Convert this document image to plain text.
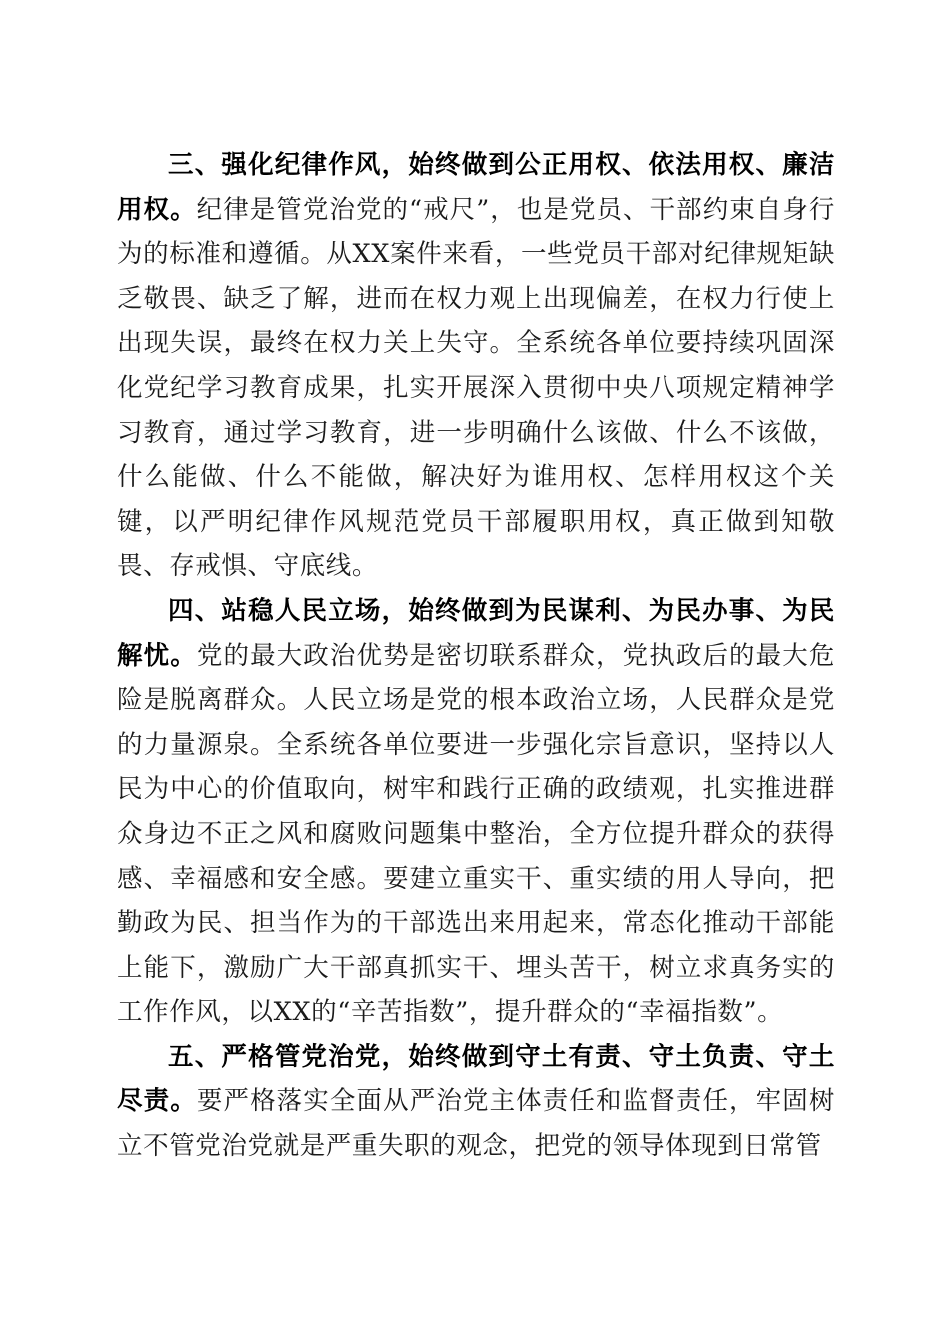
三、强化纪律作风，始终做到公正用权、依法用权、廉洁用权。纪律是管党治党的“戒尺”，也是党员、干部约束自身行为的标准和遵循。从XX案件来看，一些党员干部对纪律规矩缺乏敬畏、缺乏了解，进而在权力观上出现偏差，在权力行使上出现失误，最终在权力关上失守。全系统各单位要持续巩固深化党纪学习教育成果，扎实开展深入贯彻中央八项规定精神学习教育，通过学习教育，进一步明确什么该做、什么不该做，什么能做、什么不能做，解决好为谁用权、怎样用权这个关键，以严明纪律作风规范党员干部履职用权，真正做到知敬畏、存戒惧、守底线。

四、站稳人民立场，始终做到为民谋利、为民办事、为民解忧。党的最大政治优势是密切联系群众，党执政后的最大危险是脱离群众。人民立场是党的根本政治立场，人民群众是党的力量源泉。全系统各单位要进一步强化宗旨意识，坚持以人民为中心的价值取向，树牢和践行正确的政绩观，扎实推进群众身边不正之风和腐败问题集中整治，全方位提升群众的获得感、幸福感和安全感。要建立重实干、重实绩的用人导向，把勤政为民、担当作为的干部选出来用起来，常态化推动干部能上能下，激励广大干部真抓实干、埋头苦干，树立求真务实的工作作风，以XX的“辛苦指数”，提升群众的“幸福指数”。

五、严格管党治党，始终做到守土有责、守土负责、守土尽责。要严格落实全面从严治党主体责任和监督责任，牢固树立不管党治党就是严重失职的观念，把党的领导体现到日常管
